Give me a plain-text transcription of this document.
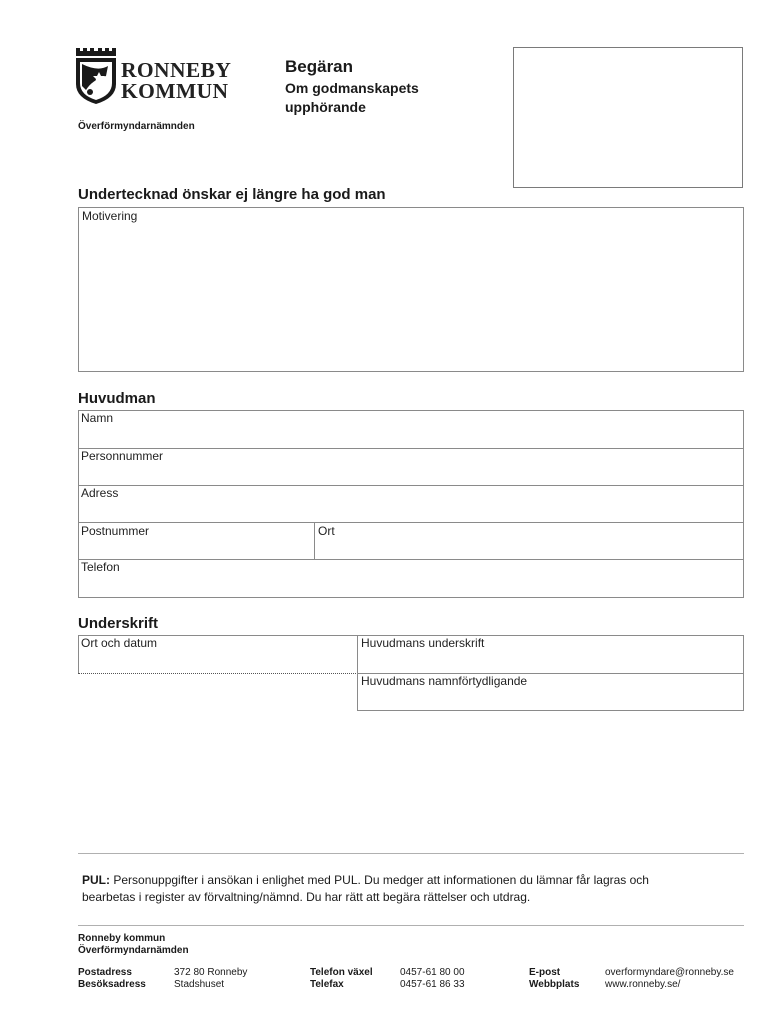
RONNEBY
KOMMUN
Överförmyndarnämnden
Begäran
Om godmanskapets
upphörande
Undertecknad önskar ej längre ha god man
Motivering
Huvudman
Namn
Personnummer
Adress
Postnummer	Ort
Telefon
Underskrift
Ort och datum	Huvudmans underskrift
Huvudmans namnförtydligande
PUL: Personuppgifter i ansökan i enlighet med PUL. Du medger att informationen du lämnar får lagras och
bearbetas i register av förvaltning/nämnd. Du har rätt att begära rättelser och utdrag.
Ronneby kommun
Överförmyndarnämden
Postadress
Besöksadress
372 80 Ronneby
Stadshuset
Telefon växel
Telefax
0457-61 80 00
0457-61 86 33
E-post
Webbplats
overformyndare@ronneby.se
www.ronneby.se/
